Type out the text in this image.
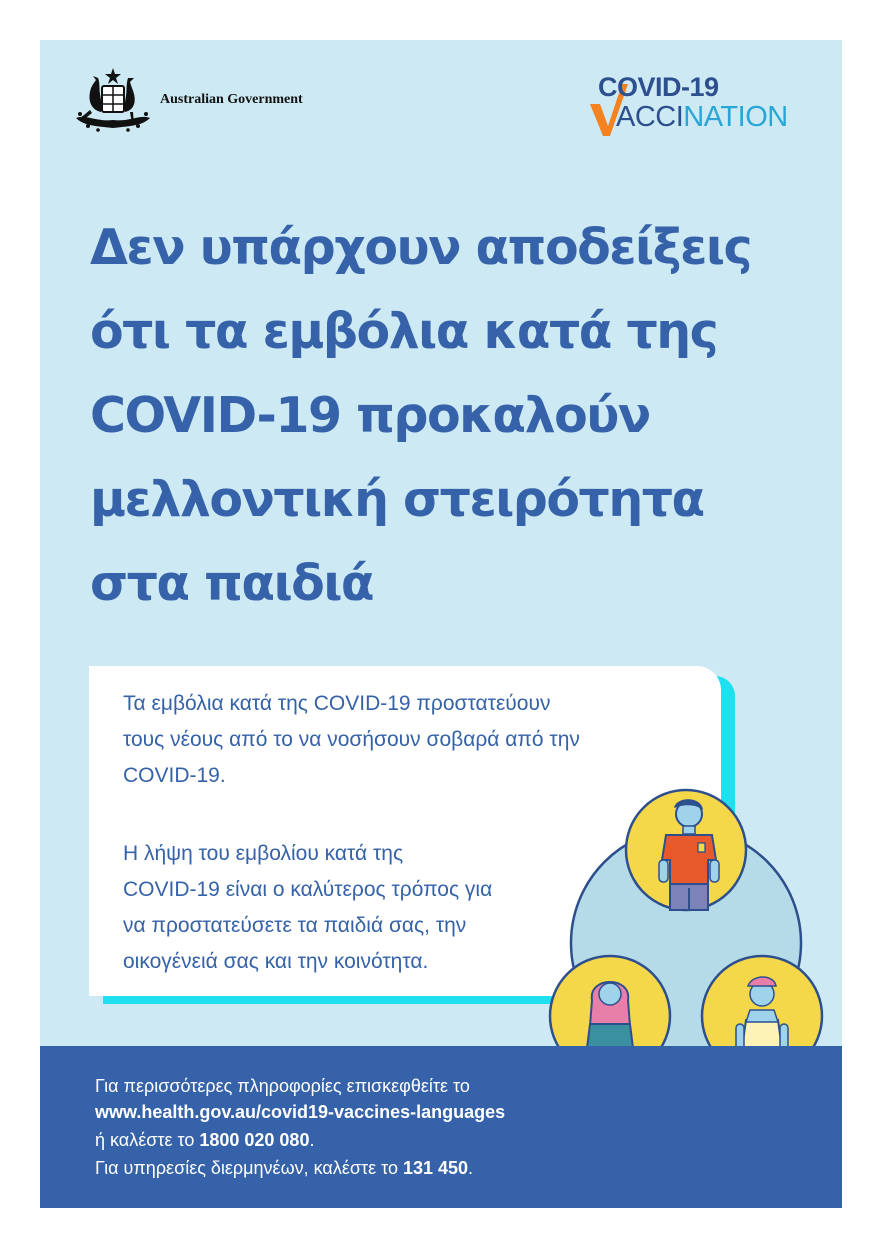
Australian Government	COVID-19
ACCINATION
Δεν υπάρχουν αποδείξεις
ότι τα εμβόλια κατά της
COVID-19 προκαλούν
μελλοντική στειρότητα
στα παιδιά

Τα εμβόλια κατά της COVID-19 προστατεύουν
τους νέους από το να νοσήσουν σοβαρά από την
COVID-19.

Η λήψη του εμβολίου κατά της
COVID-19 είναι ο καλύτερος τρόπος για
να προστατεύσετε τα παιδιά σας, την
οικογένειά σας και την κοινότητα.

Για περισσότερες πληροφορίες επισκεφθείτε το
www.health.gov.au/covid19-vaccines-languages
ή καλέστε το 1800 020 080.
Για υπηρεσίες διερμηνέων, καλέστε το 131 450.
